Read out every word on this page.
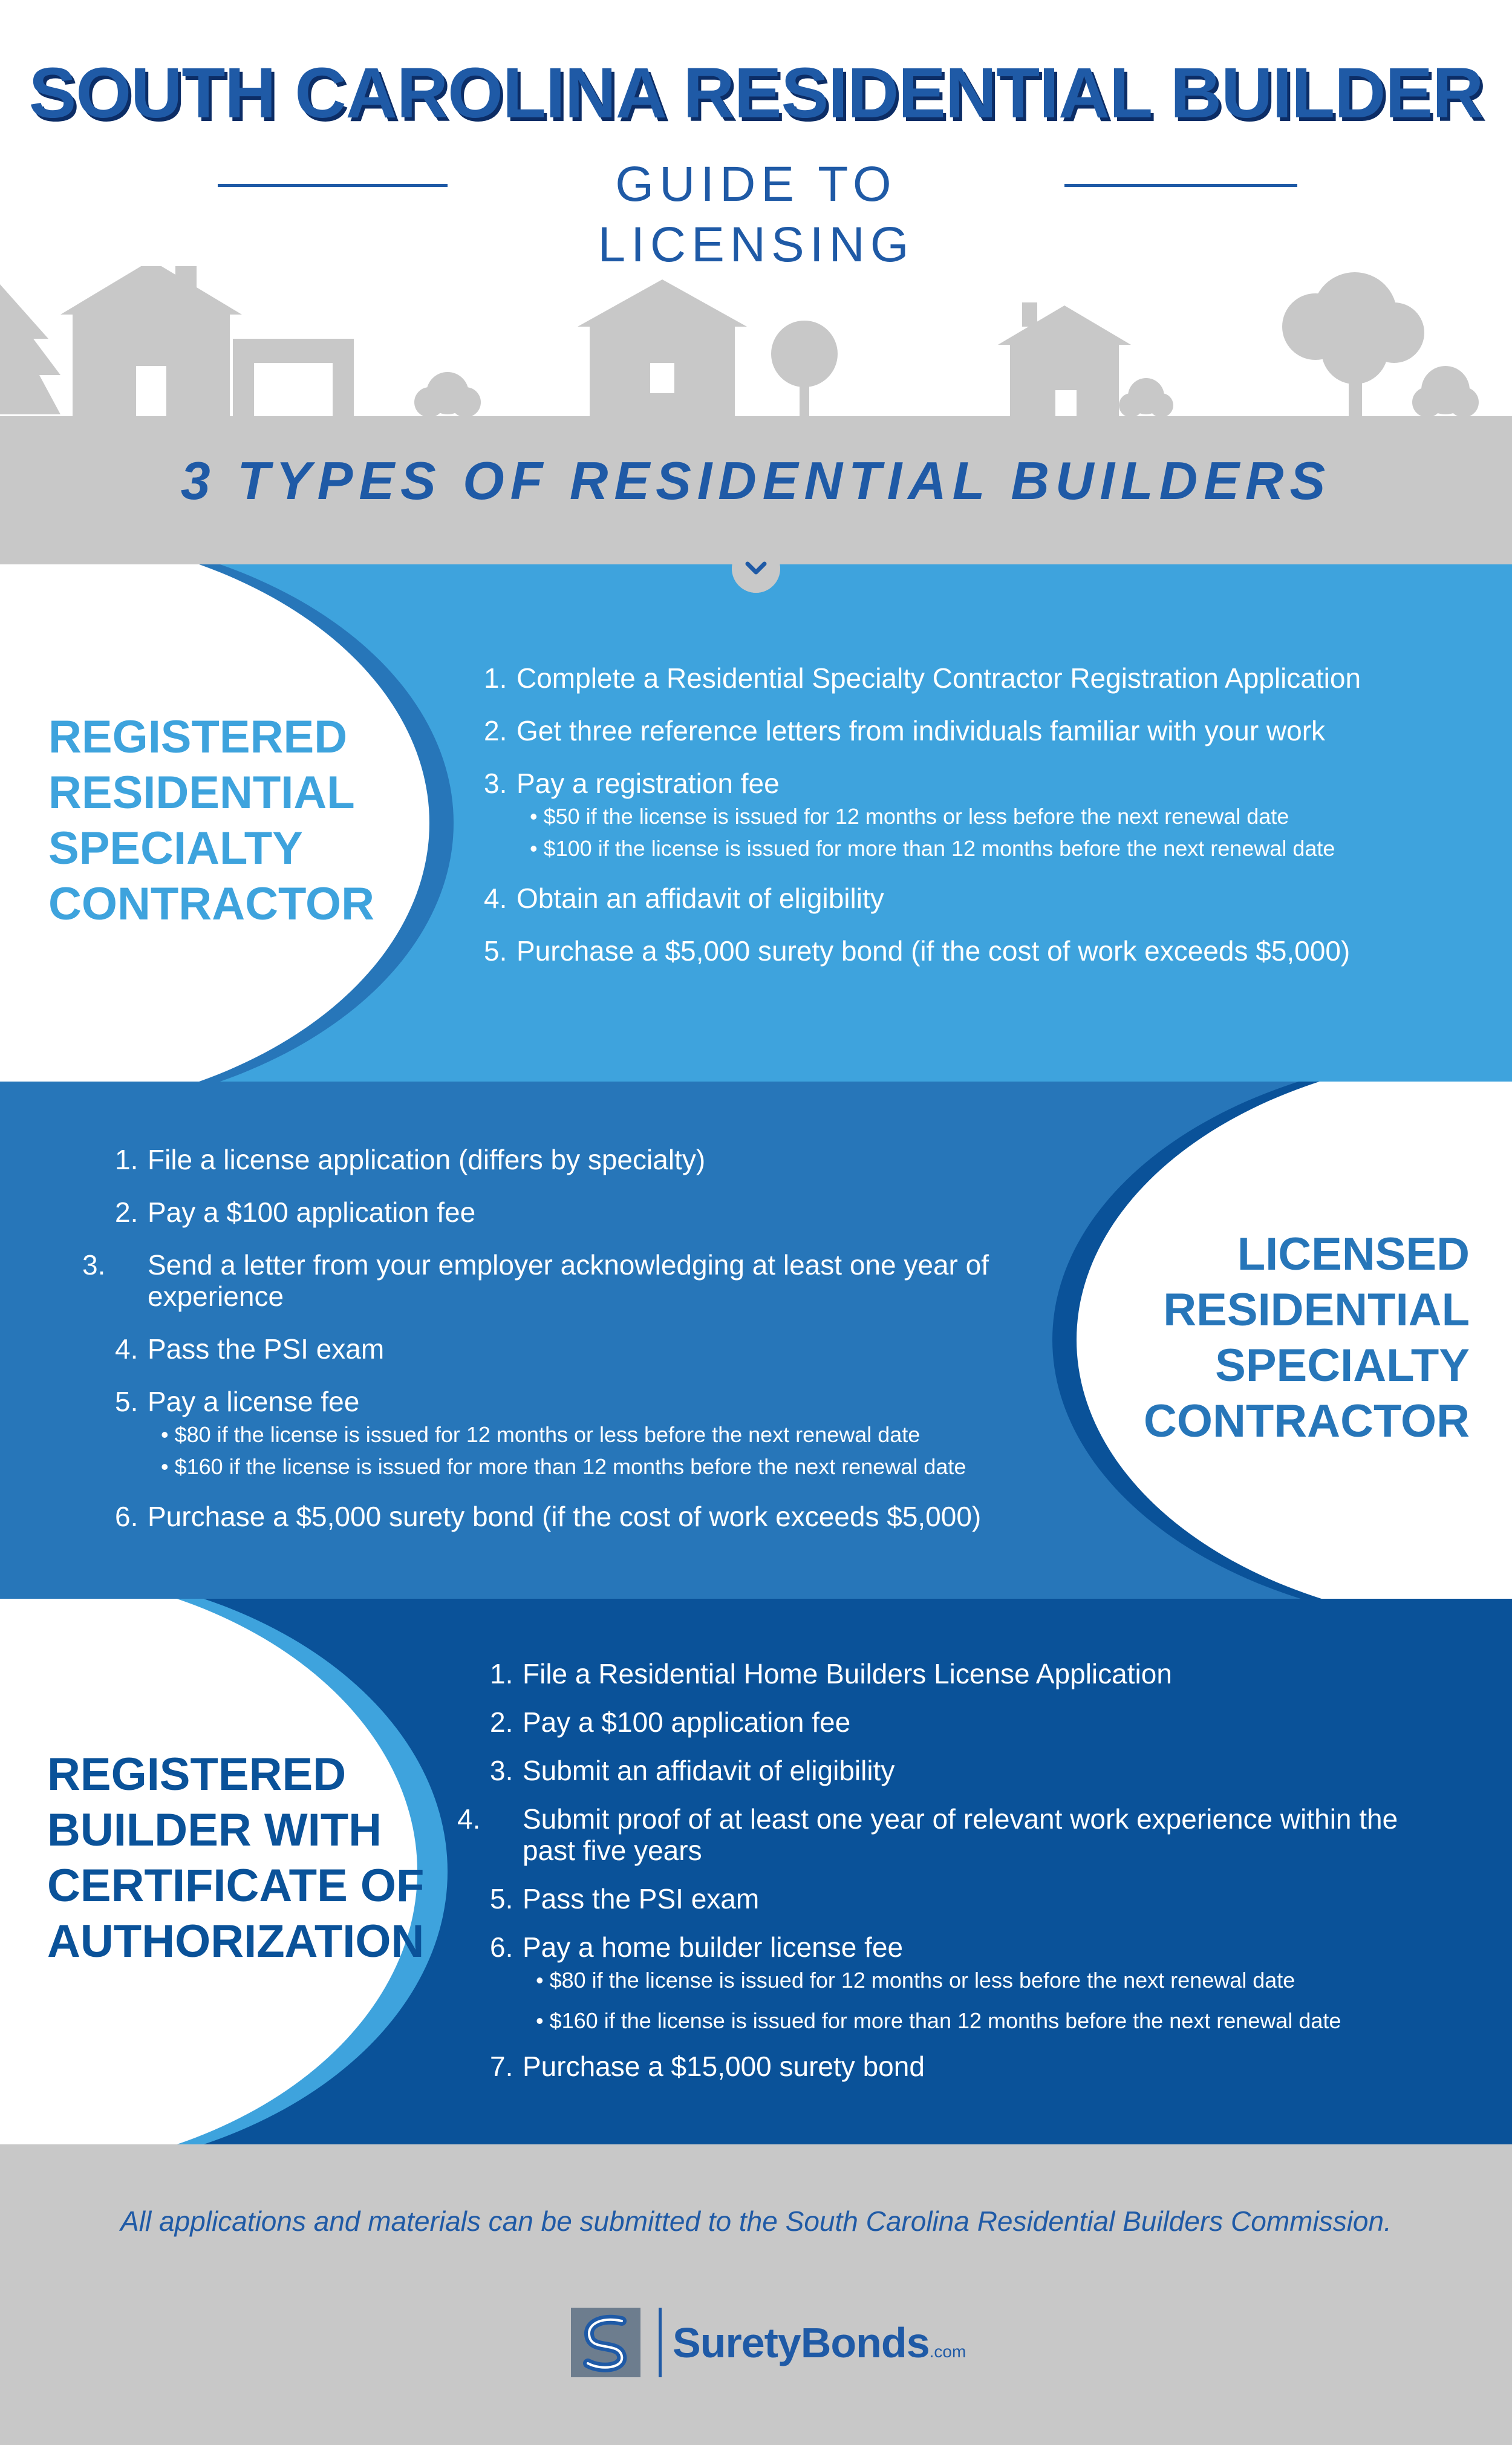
SOUTH CAROLINA RESIDENTIAL BUILDER
GUIDE TO LICENSING
3 TYPES OF RESIDENTIAL BUILDERS
REGISTERED
RESIDENTIAL
SPECIALTY
CONTRACTOR
1. Complete a Residential Specialty Contractor Registration Application
2. Get three reference letters from individuals familiar with your work
3. Pay a registration fee
• $50 if the license is issued for 12 months or less before the next renewal date
• $100 if the license is issued for more than 12 months before the next renewal date
4. Obtain an affidavit of eligibility
5. Purchase a $5,000 surety bond (if the cost of work exceeds $5,000)
LICENSED
RESIDENTIAL
SPECIALTY
CONTRACTOR
1. File a license application (differs by specialty)
2. Pay a $100 application fee
3. Send a letter from your employer acknowledging at least one year of experience
4. Pass the PSI exam
5. Pay a license fee
• $80 if the license is issued for 12 months or less before the next renewal date
• $160 if the license is issued for more than 12 months before the next renewal date
6. Purchase a $5,000 surety bond (if the cost of work exceeds $5,000)
REGISTERED
BUILDER WITH
CERTIFICATE OF
AUTHORIZATION
1. File a Residential Home Builders License Application
2. Pay a $100 application fee
3. Submit an affidavit of eligibility
4. Submit proof of at least one year of relevant work experience within the past five years
5. Pass the PSI exam
6. Pay a home builder license fee
• $80 if the license is issued for 12 months or less before the next renewal date
• $160 if the license is issued for more than 12 months before the next renewal date
7. Purchase a $15,000 surety bond

All applications and materials can be submitted to the South Carolina Residential Builders Commission.

SuretyBonds.com
